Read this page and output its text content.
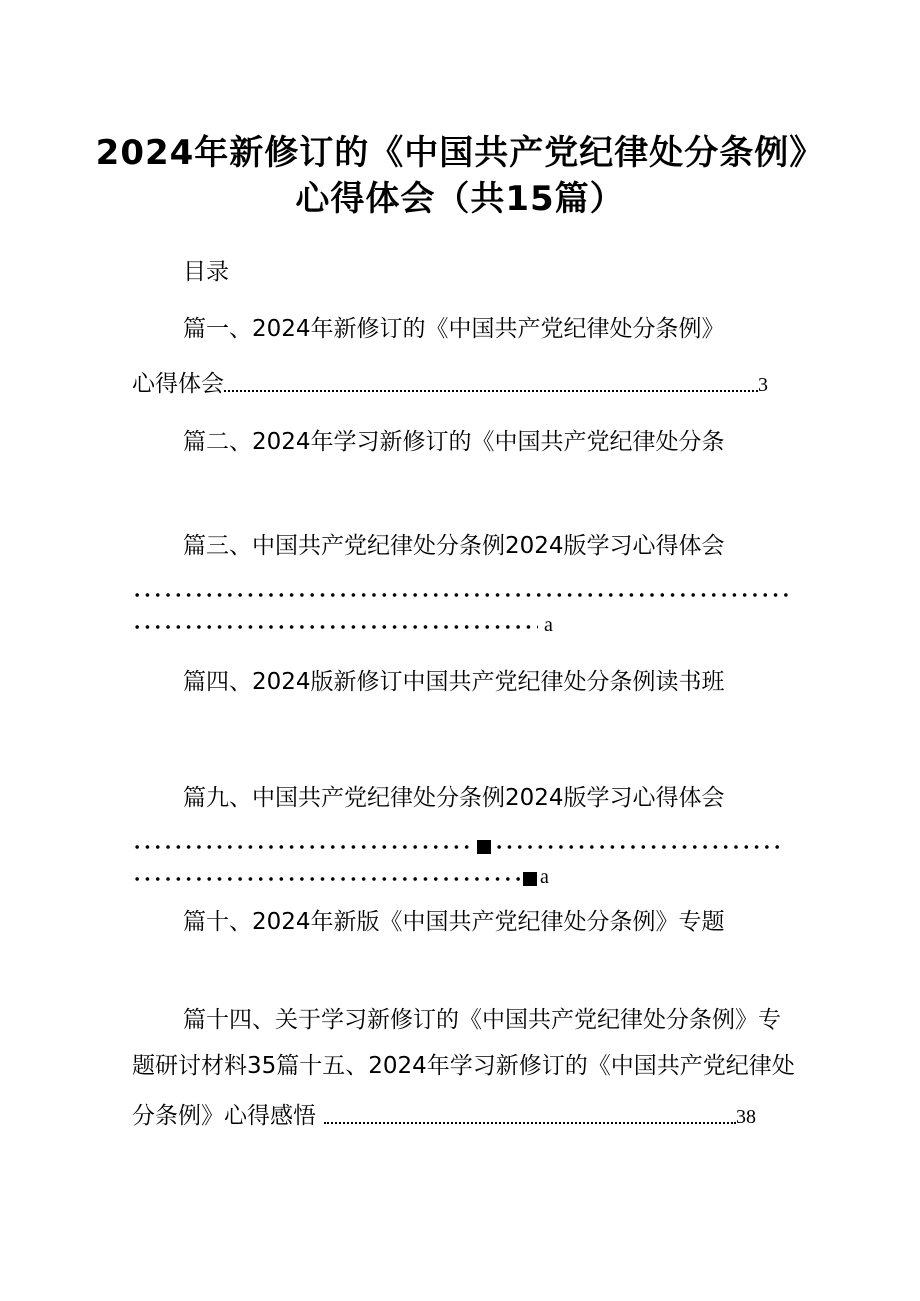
2024年新修订的《中国共产党纪律处分条例》
心得体会（共15篇）
目录
篇一、2024年新修订的《中国共产党纪律处分条例》
心得体会	3
篇二、2024年学习新修订的《中国共产党纪律处分条
篇三、中国共产党纪律处分条例2024版学习心得体会
a
篇四、2024版新修订中国共产党纪律处分条例读书班
篇九、中国共产党纪律处分条例2024版学习心得体会
a
篇十、2024年新版《中国共产党纪律处分条例》专题
篇十四、关于学习新修订的《中国共产党纪律处分条例》专
题研讨材料35篇十五、2024年学习新修订的《中国共产党纪律处
分条例》心得感悟	38
